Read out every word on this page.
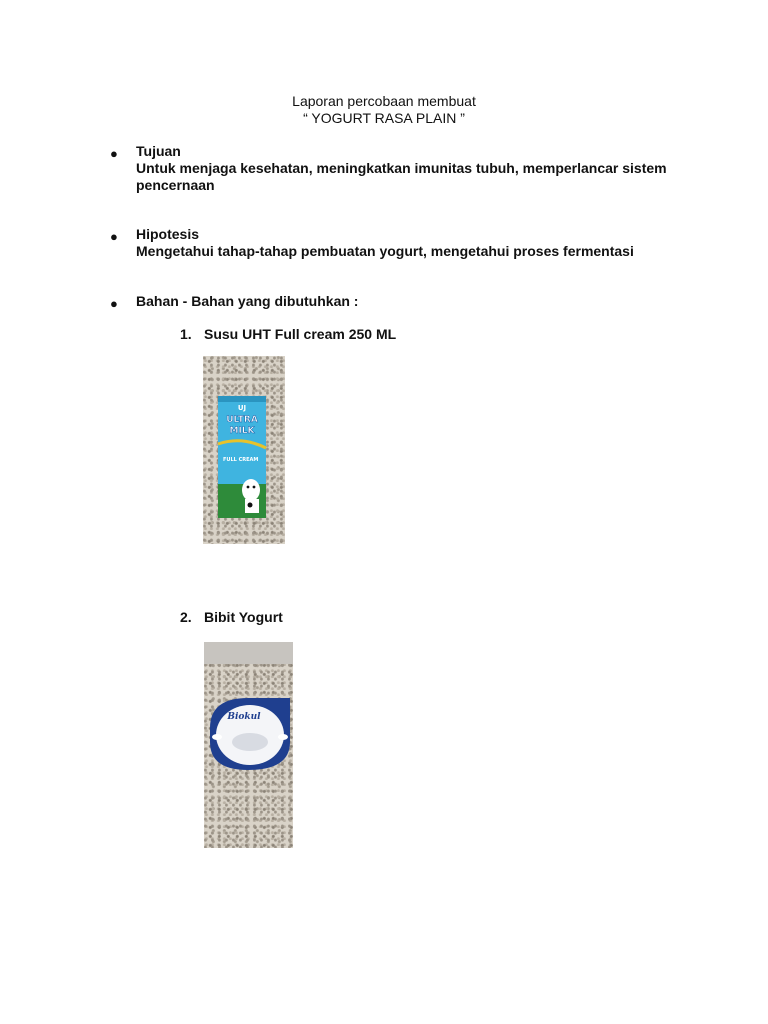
Laporan percobaan membuat
“ YOGURT RASA PLAIN ”
● Tujuan
Untuk menjaga kesehatan, meningkatkan imunitas tubuh, memperlancar sistem pencernaan
● Hipotesis
Mengetahui tahap-tahap pembuatan yogurt, mengetahui proses fermentasi
● Bahan - Bahan yang dibutuhkan :
1. Susu UHT Full cream 250 ML
UJ
ULTRA
MILK
FULL CREAM
2. Bibit Yogurt
Biokul
